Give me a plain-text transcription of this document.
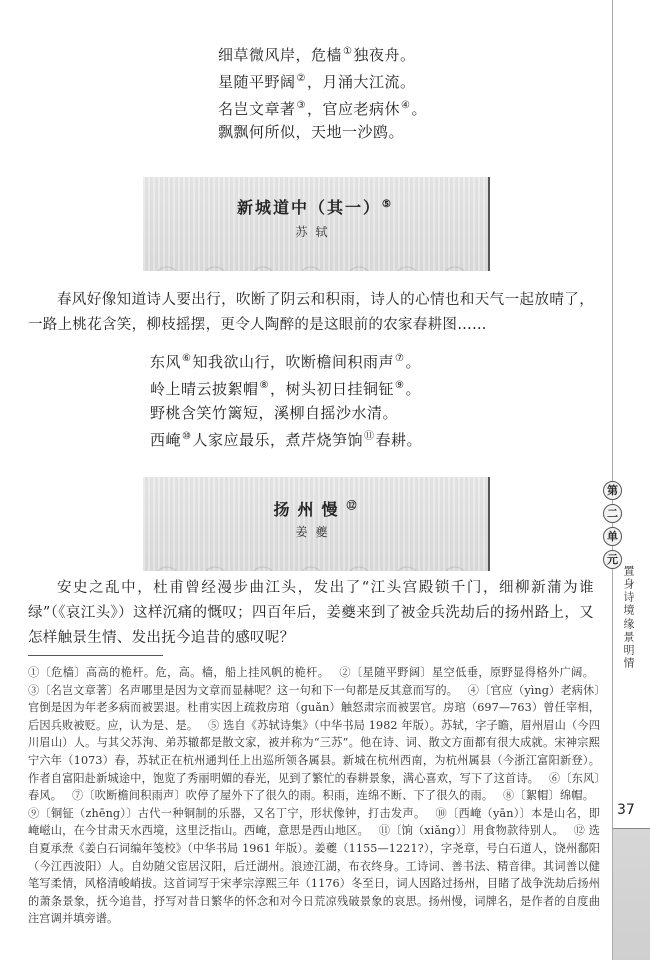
细草微风岸，危樯①独夜舟。
星随平野阔②，月涌大江流。
名岂文章著③，官应老病休④。
飘飘何所似，天地一沙鸥。
新城道中（其一）⑤
苏轼

春风好像知道诗人要出行，吹断了阴云和积雨，诗人的心情也和天气一起放晴了，一路上桃花含笑，柳枝摇摆，更令人陶醉的是这眼前的农家春耕图……

东风⑥知我欲山行，吹断檐间积雨声⑦。
岭上晴云披絮帽⑧，树头初日挂铜钲⑨。
野桃含笑竹篱短，溪柳自摇沙水清。
西崦⑩人家应最乐，煮芹烧笋饷⑪春耕。
扬州慢⑫
姜夔

安史之乱中，杜甫曾经漫步曲江头，发出了“江头宫殿锁千门，细柳新蒲为谁绿”（《哀江头》）这样沉痛的慨叹；四百年后，姜夔来到了被金兵洗劫后的扬州路上，又怎样触景生情、发出抚今追昔的感叹呢？

①〔危樯〕高高的桅杆。危，高。樯，船上挂风帆的桅杆。 ②〔星随平野阔〕星空低垂，原野显得格外广阔。 ③〔名岂文章著〕名声哪里是因为文章而显赫呢？这一句和下一句都是反其意而写的。 ④〔官应（yìng）老病休〕官倒是因为年老多病而被罢退。杜甫实因上疏救房琯（guǎn）触怒肃宗而被罢官。房琯（697—763）曾任宰相，后因兵败被贬。应，认为是、是。 ⑤ 选自《苏轼诗集》（中华书局 1982 年版）。苏轼，字子瞻，眉州眉山（今四川眉山）人。与其父苏洵、弟苏辙都是散文家，被并称为“三苏”。他在诗、词、散文方面都有很大成就。宋神宗熙宁六年（1073）春，苏轼正在杭州通判任上出巡所领各属县。新城在杭州西南，为杭州属县（今浙江富阳新登）。作者自富阳赴新城途中，饱览了秀丽明媚的春光，见到了繁忙的春耕景象，满心喜欢，写下了这首诗。 ⑥〔东风〕春风。 ⑦〔吹断檐间积雨声〕吹停了屋外下了很久的雨。积雨，连绵不断、下了很久的雨。 ⑧〔絮帽〕绵帽。 ⑨〔铜钲（zhēng）〕古代一种铜制的乐器，又名丁宁，形状像钟，打击发声。 ⑩〔西崦（yān）〕本是山名，即崦嵫山，在今甘肃天水西境，这里泛指山。西崦，意思是西山地区。 ⑪〔饷（xiǎng）〕用食物款待别人。 ⑫ 选自夏承焘《姜白石词编年笺校》（中华书局 1961 年版）。姜夔（1155—1221?），字尧章，号白石道人，饶州鄱阳（今江西波阳）人。自幼随父宦居汉阳，后迁湖州。浪迹江湖，布衣终身。工诗词、善书法、精音律。其词善以健笔写柔情，风格清峻峭拔。这首词写于宋孝宗淳熙三年（1176）冬至日，词人因路过扬州，目睹了战争洗劫后扬州的萧条景象，抚今追昔，抒写对昔日繁华的怀念和对今日荒凉残破景象的哀思。扬州慢，词牌名，是作者的自度曲注宫调并填旁谱。
第
二
单
元
置身诗境
缘景明情
37
